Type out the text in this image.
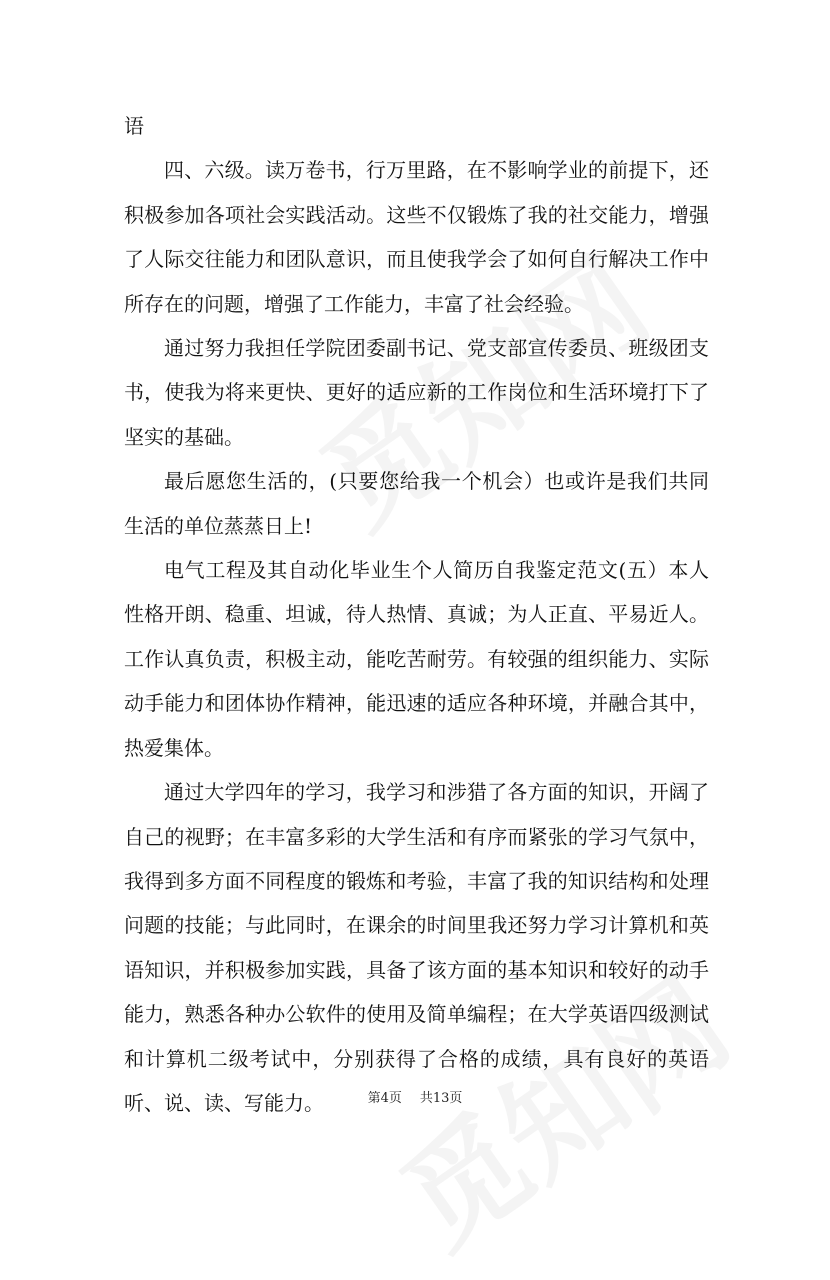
语

四、六级。读万卷书，行万里路，在不影响学业的前提下，还积极参加各项社会实践活动。这些不仅锻炼了我的社交能力，增强了人际交往能力和团队意识，而且使我学会了如何自行解决工作中所存在的问题，增强了工作能力，丰富了社会经验。

通过努力我担任学院团委副书记、党支部宣传委员、班级团支书，使我为将来更快、更好的适应新的工作岗位和生活环境打下了坚实的基础。

最后愿您生活的，(只要您给我一个机会）也或许是我们共同生活的单位蒸蒸日上!

电气工程及其自动化毕业生个人简历自我鉴定范文(五）本人性格开朗、稳重、坦诚，待人热情、真诚；为人正直、平易近人。工作认真负责，积极主动，能吃苦耐劳。有较强的组织能力、实际动手能力和团体协作精神，能迅速的适应各种环境，并融合其中，热爱集体。

通过大学四年的学习，我学习和涉猎了各方面的知识，开阔了自己的视野；在丰富多彩的大学生活和有序而紧张的学习气氛中，我得到多方面不同程度的锻炼和考验，丰富了我的知识结构和处理问题的技能；与此同时，在课余的时间里我还努力学习计算机和英语知识，并积极参加实践，具备了该方面的基本知识和较好的动手能力，熟悉各种办公软件的使用及简单编程；在大学英语四级测试和计算机二级考试中，分别获得了合格的成绩，具有良好的英语听、说、读、写能力。	第4页 共13页
